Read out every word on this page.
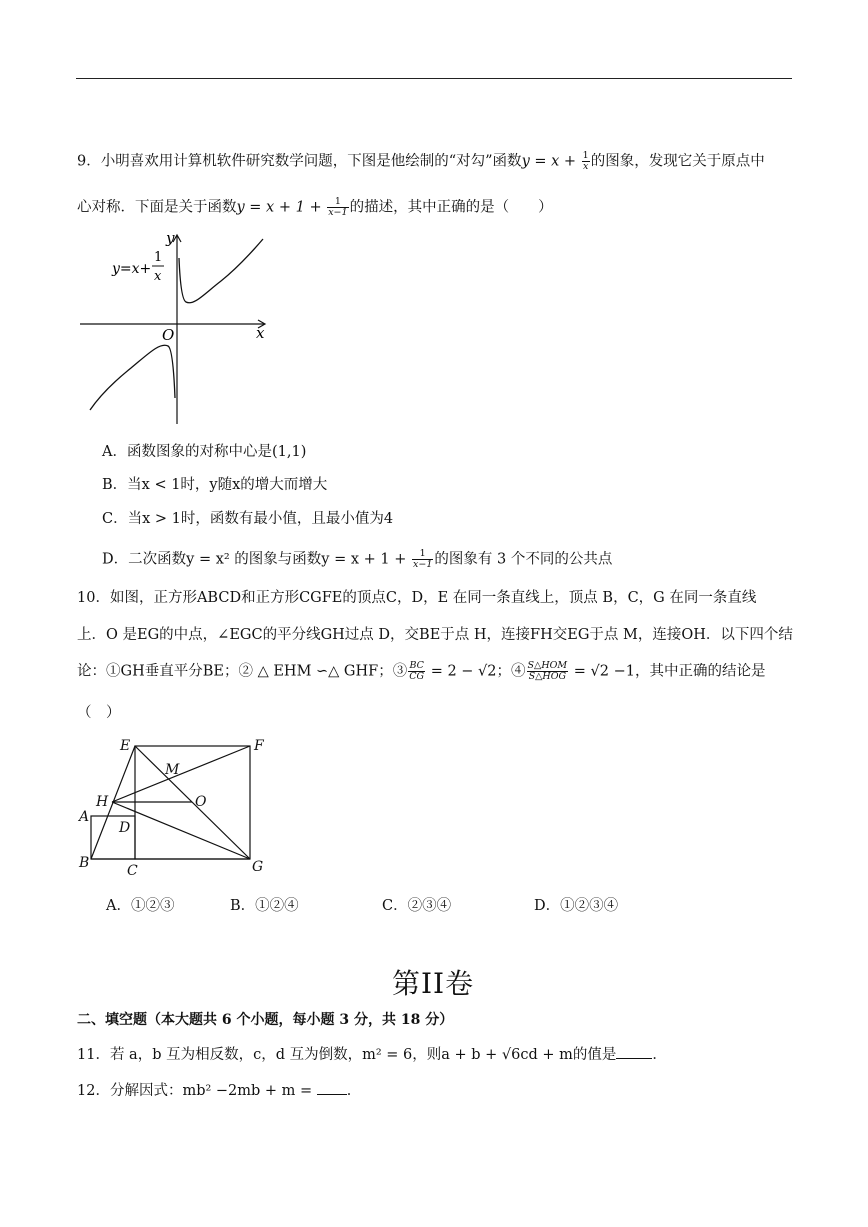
9．小明喜欢用计算机软件研究数学问题，下图是他绘制的“对勾”函数$y = x + \frac{1}{x}$ 的图象，发现它关于原点中
心对称．下面是关于函数$y = x + 1 + \frac{1}{x-1}$ 的描述，其中正确的是（　　）
y
x
O
y=x+
1
x
A．函数图象的对称中心是(1,1)
B．当x < 1时，y随x的增大而增大
C．当x > 1时，函数有最小值，且最小值为4
D．二次函数y = x² 的图象与函数$y = x + 1 + \frac{1}{x-1}$ 的图象有 3 个不同的公共点
10．如图，正方形ABCD和正方形CGFE的顶点C，D，E 在同一条直线上，顶点 B，C，G 在同一条直线
上．O 是EG的中点，∠EGC的平分线GH过点 D，交BE于点 H，连接FH交EG于点 M，连接OH．以下四个结
论：①GH垂直平分BE；② △ EHM ∽△ GHF；③ $\frac{BC}{CG} = 2 - √2$；④ $\frac{\text{S△HOM}}{\text{S△HOG}} = √2 -1$，其中正确的结论是
（　）
E	F
M
H	O
A
D
B	C	G
A．①②③	B．①②④	C．②③④	D．①②③④
第II卷
二、填空题（本大题共 6 个小题，每小题 3 分，共 18 分）
11．若 a，b 互为相反数，c，d 互为倒数，m² = 6，则a + b + √6cd + m的值是 ．
12．分解因式：mb² −2mb + m = ．
